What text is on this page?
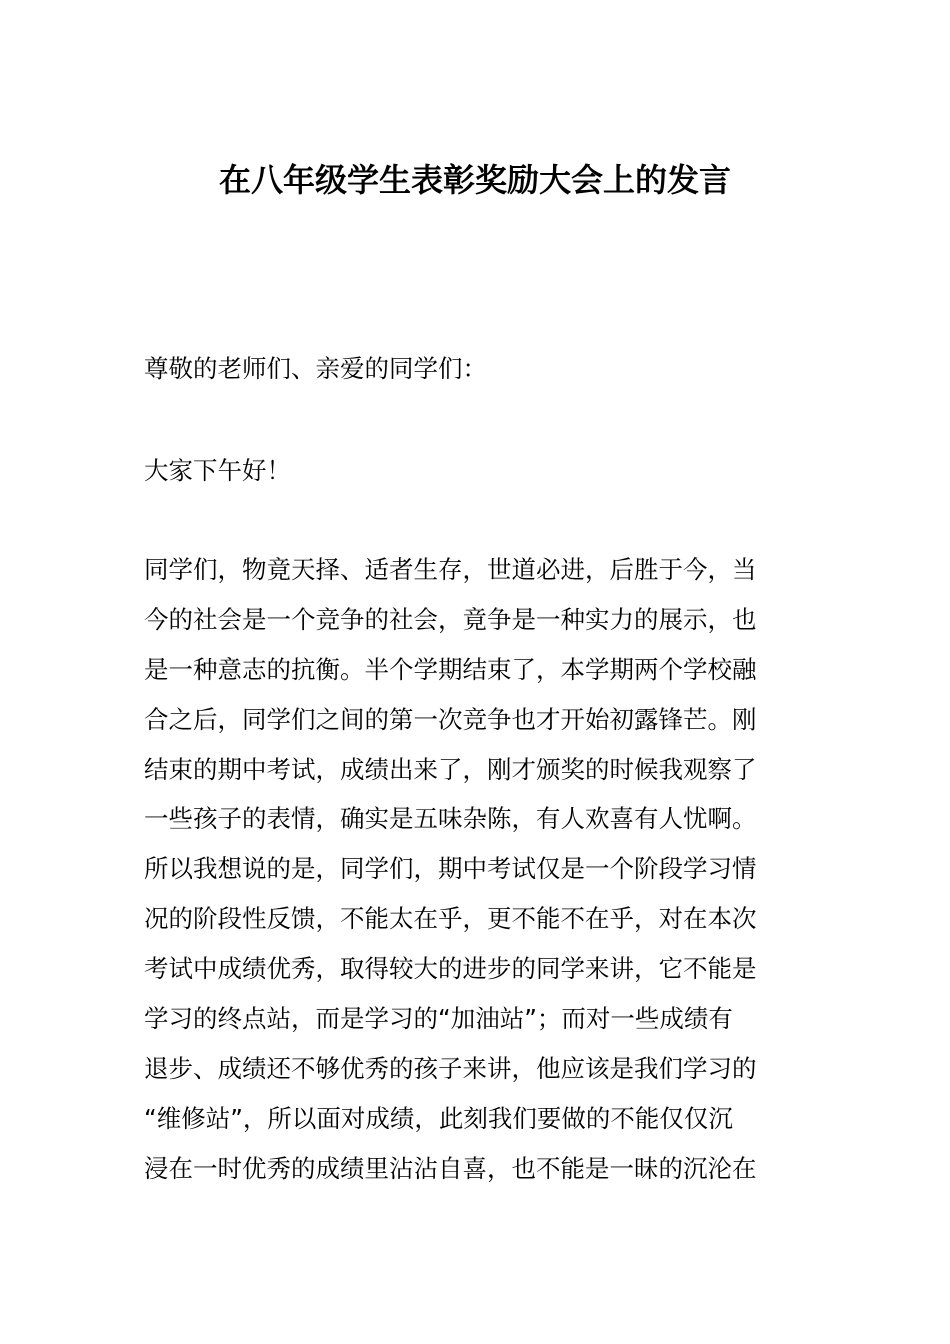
在八年级学生表彰奖励大会上的发言

尊敬的老师们、亲爱的同学们：

大家下午好！

同学们，物竟天择、适者生存，世道必进，后胜于今，当
今的社会是一个竞争的社会，竟争是一种实力的展示，也
是一种意志的抗衡。半个学期结束了，本学期两个学校融
合之后，同学们之间的第一次竞争也才开始初露锋芒。刚
结束的期中考试，成绩出来了，刚才颁奖的时候我观察了
一些孩子的表情，确实是五味杂陈，有人欢喜有人忧啊。
所以我想说的是，同学们，期中考试仅是一个阶段学习情
况的阶段性反馈，不能太在乎，更不能不在乎，对在本次
考试中成绩优秀，取得较大的进步的同学来讲，它不能是
学习的终点站，而是学习的“加油站”；而对一些成绩有
退步、成绩还不够优秀的孩子来讲，他应该是我们学习的
“维修站”，所以面对成绩，此刻我们要做的不能仅仅沉
浸在一时优秀的成绩里沾沾自喜，也不能是一昧的沉沦在
